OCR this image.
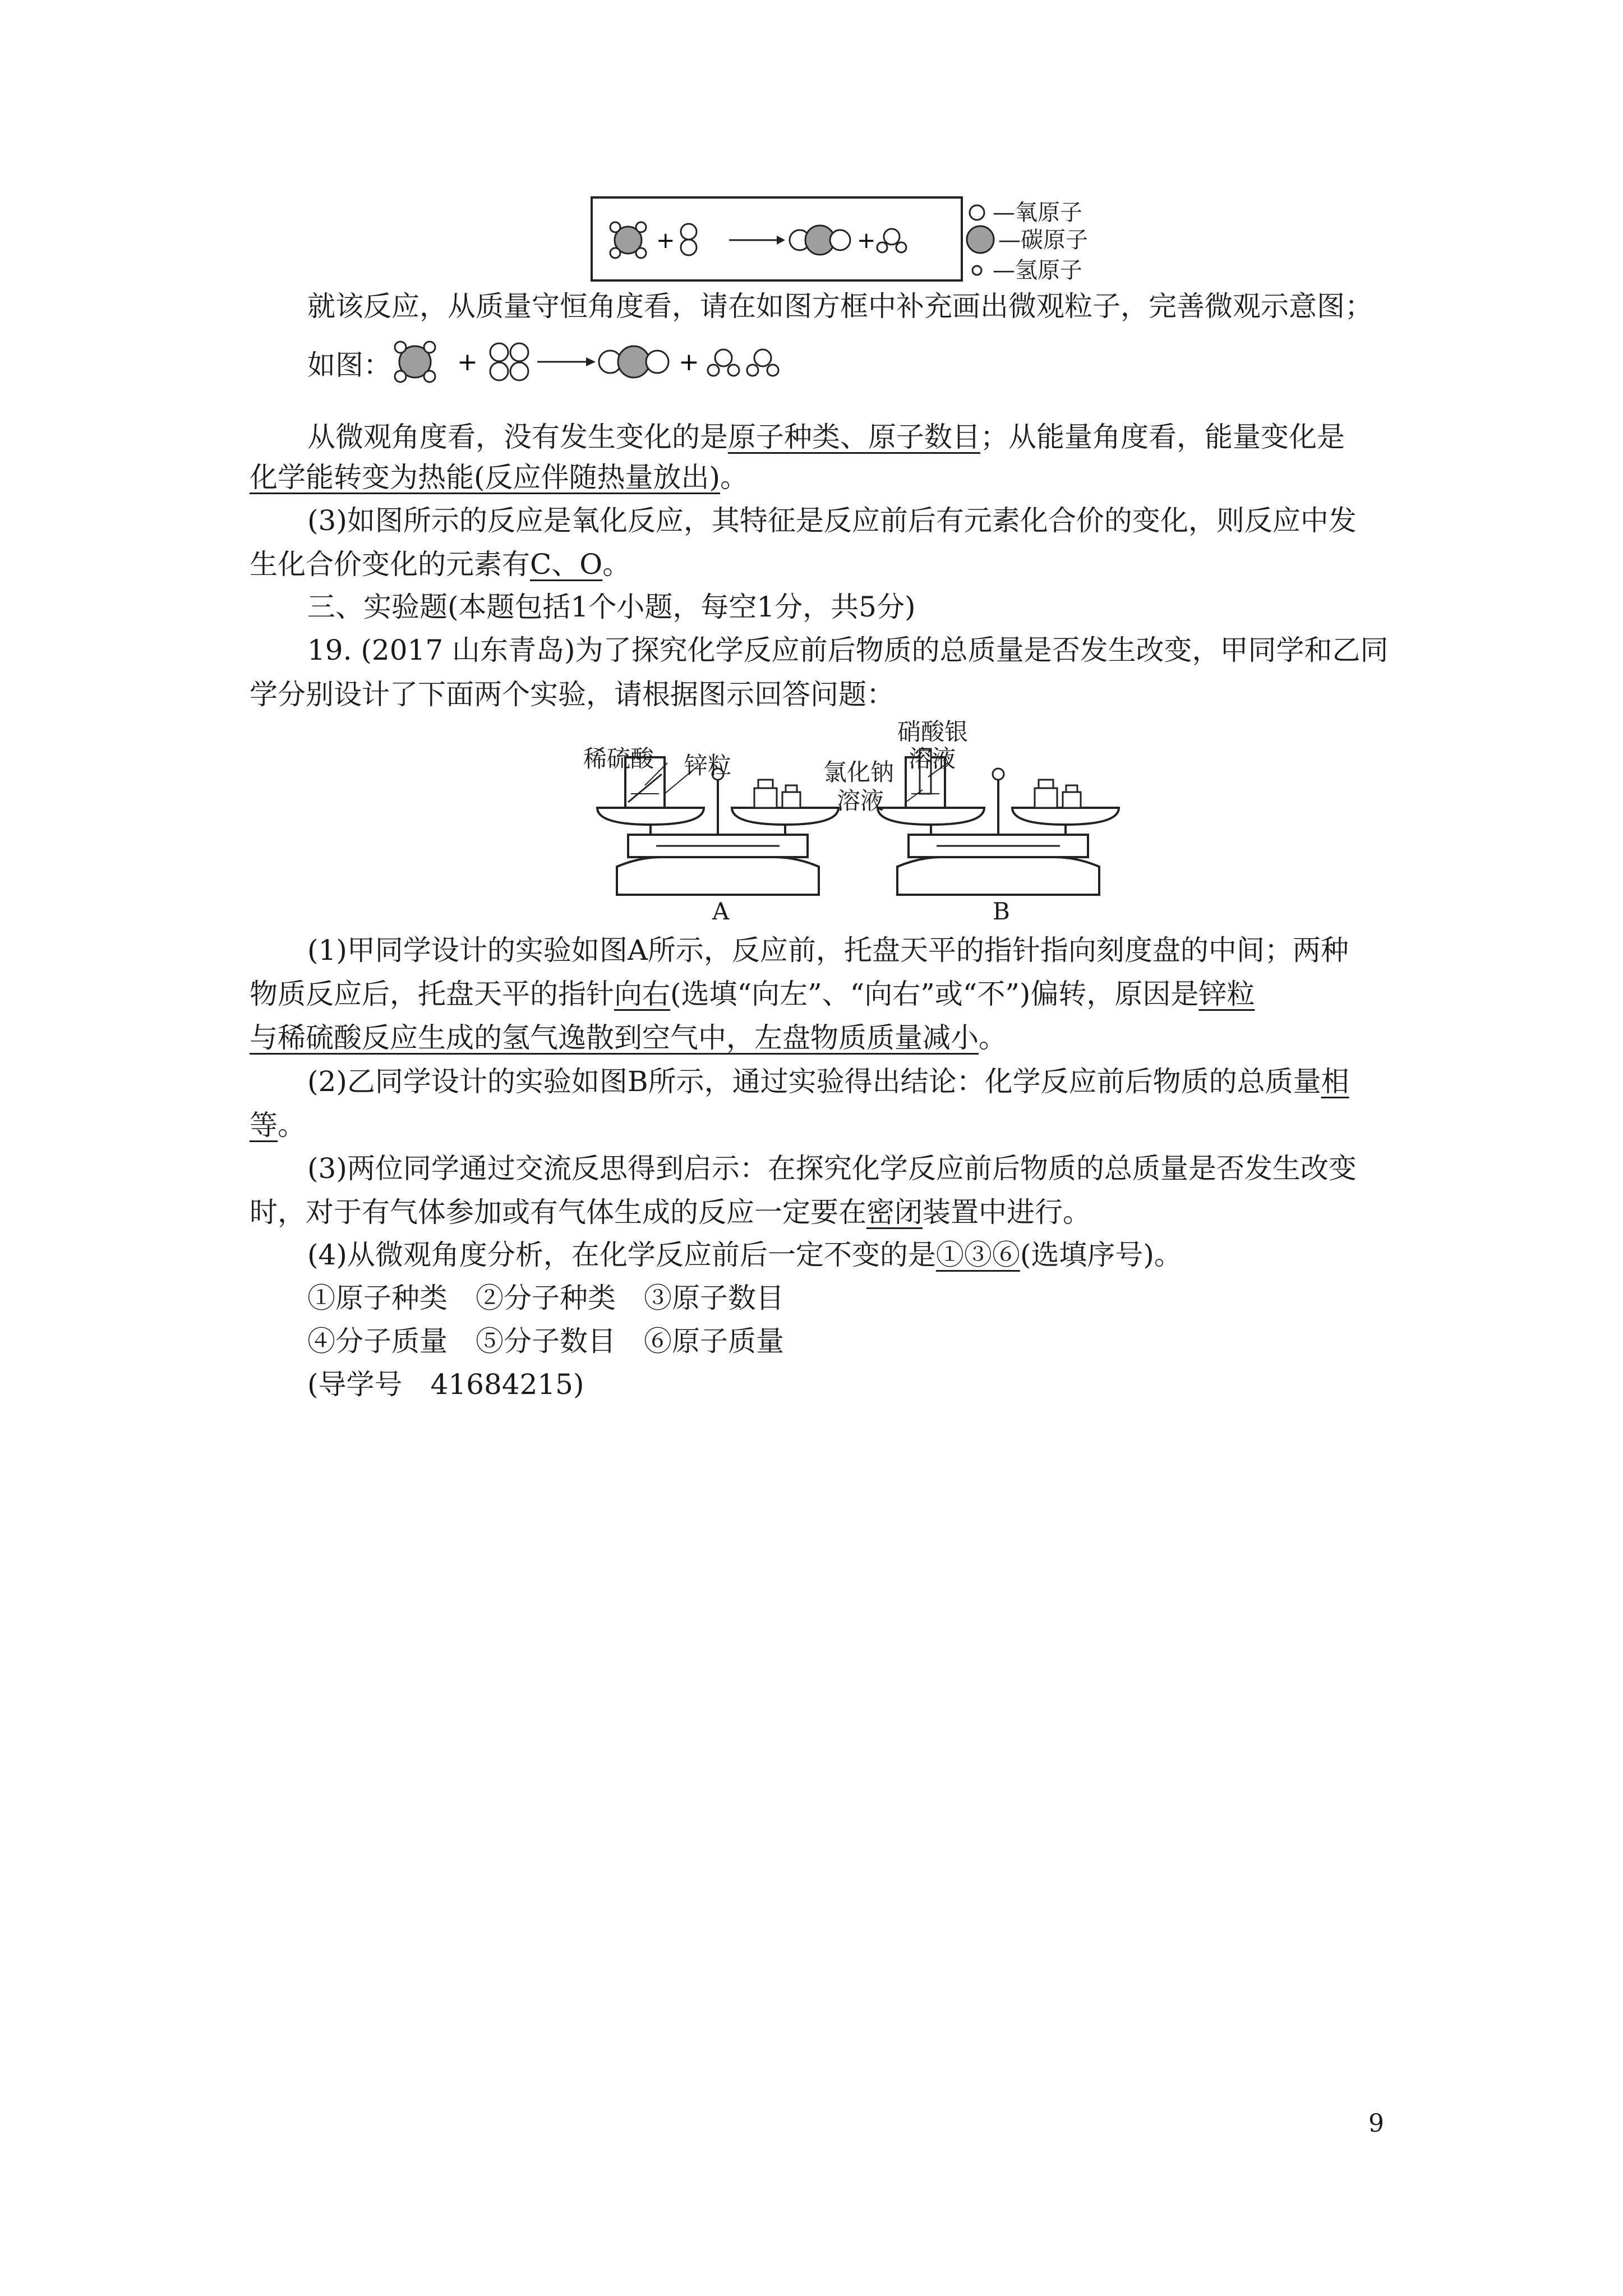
+	+
—氧原子
—碳原子
—氢原子
就该反应，从质量守恒角度看，请在如图方框中补充画出微观粒子，完善微观示意图；
如图：	+	+
从微观角度看，没有发生变化的是原子种类、原子数目；从能量角度看，能量变化是
化学能转变为热能(反应伴随热量放出)。
(3)如图所示的反应是氧化反应，其特征是反应前后有元素化合价的变化，则反应中发
生化合价变化的元素有C、O。
三、实验题(本题包括1个小题，每空1分，共5分)
19. (2017 山东青岛)为了探究化学反应前后物质的总质量是否发生改变，甲同学和乙同
学分别设计了下面两个实验，请根据图示回答问题：
稀硫酸 锌粒	氯化钠
溶液
硝酸银
溶液
A	B
(1)甲同学设计的实验如图A所示，反应前，托盘天平的指针指向刻度盘的中间；两种
物质反应后，托盘天平的指针向右(选填“向左”、“向右”或“不”)偏转，原因是锌粒
与稀硫酸反应生成的氢气逸散到空气中，左盘物质质量减小。
(2)乙同学设计的实验如图B所示，通过实验得出结论：化学反应前后物质的总质量相
等。
(3)两位同学通过交流反思得到启示：在探究化学反应前后物质的总质量是否发生改变
时，对于有气体参加或有气体生成的反应一定要在密闭装置中进行。
(4)从微观角度分析，在化学反应前后一定不变的是①③⑥(选填序号)。
①原子种类　②分子种类　③原子数目
④分子质量　⑤分子数目　⑥原子质量
(导学号　41684215)
9
